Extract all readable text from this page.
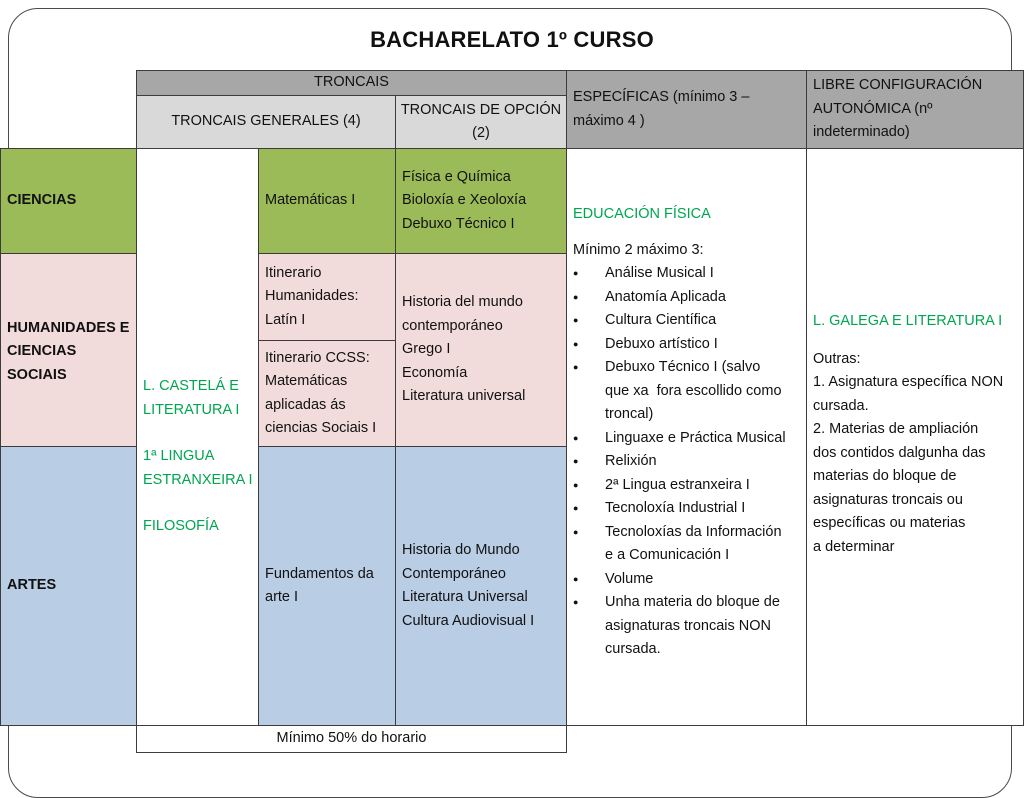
BACHARELATO 1º CURSO
TRONCAIS
ESPECÍFICAS (mínimo 3 –
máximo 4 )
LIBRE CONFIGURACIÓN
AUTONÓMICA (nº
indeterminado)
TRONCAIS GENERALES (4)
TRONCAIS DE OPCIÓN
(2)
CIENCIAS
HUMANIDADES E
CIENCIAS
SOCIAIS
ARTES
L. CASTELÁ E
LITERATURA I
1ª LINGUA
ESTRANXEIRA I
FILOSOFÍA
Matemáticas I
Física e Química
Bioloxía e Xeoloxía
Debuxo Técnico I
Itinerario
Humanidades:
Latín I
Itinerario CCSS:
Matemáticas
aplicadas ás
ciencias Sociais I
Historia del mundo
contemporáneo
Grego I
Economía
Literatura universal
Fundamentos da
arte I
Historia do Mundo
Contemporáneo
Literatura Universal
Cultura Audiovisual I
EDUCACIÓN FÍSICA
Mínimo 2 máximo 3:
● Análise Musical I
● Anatomía Aplicada
● Cultura Científica
● Debuxo artístico I
● Debuxo Técnico I (salvo
que xa  fora escollido como
troncal)
● Linguaxe e Práctica Musical
● Relixión
● 2ª Lingua estranxeira I
● Tecnoloxía Industrial I
● Tecnoloxías da Información
e a Comunicación I
● Volume
● Unha materia do bloque de
asignaturas troncais NON
cursada.
L. GALEGA E LITERATURA I
Outras:
1. Asignatura específica NON
cursada.
2. Materias de ampliación
dos contidos dalgunha das
materias do bloque de
asignaturas troncais ou
específicas ou materias
a determinar
Mínimo 50% do horario
